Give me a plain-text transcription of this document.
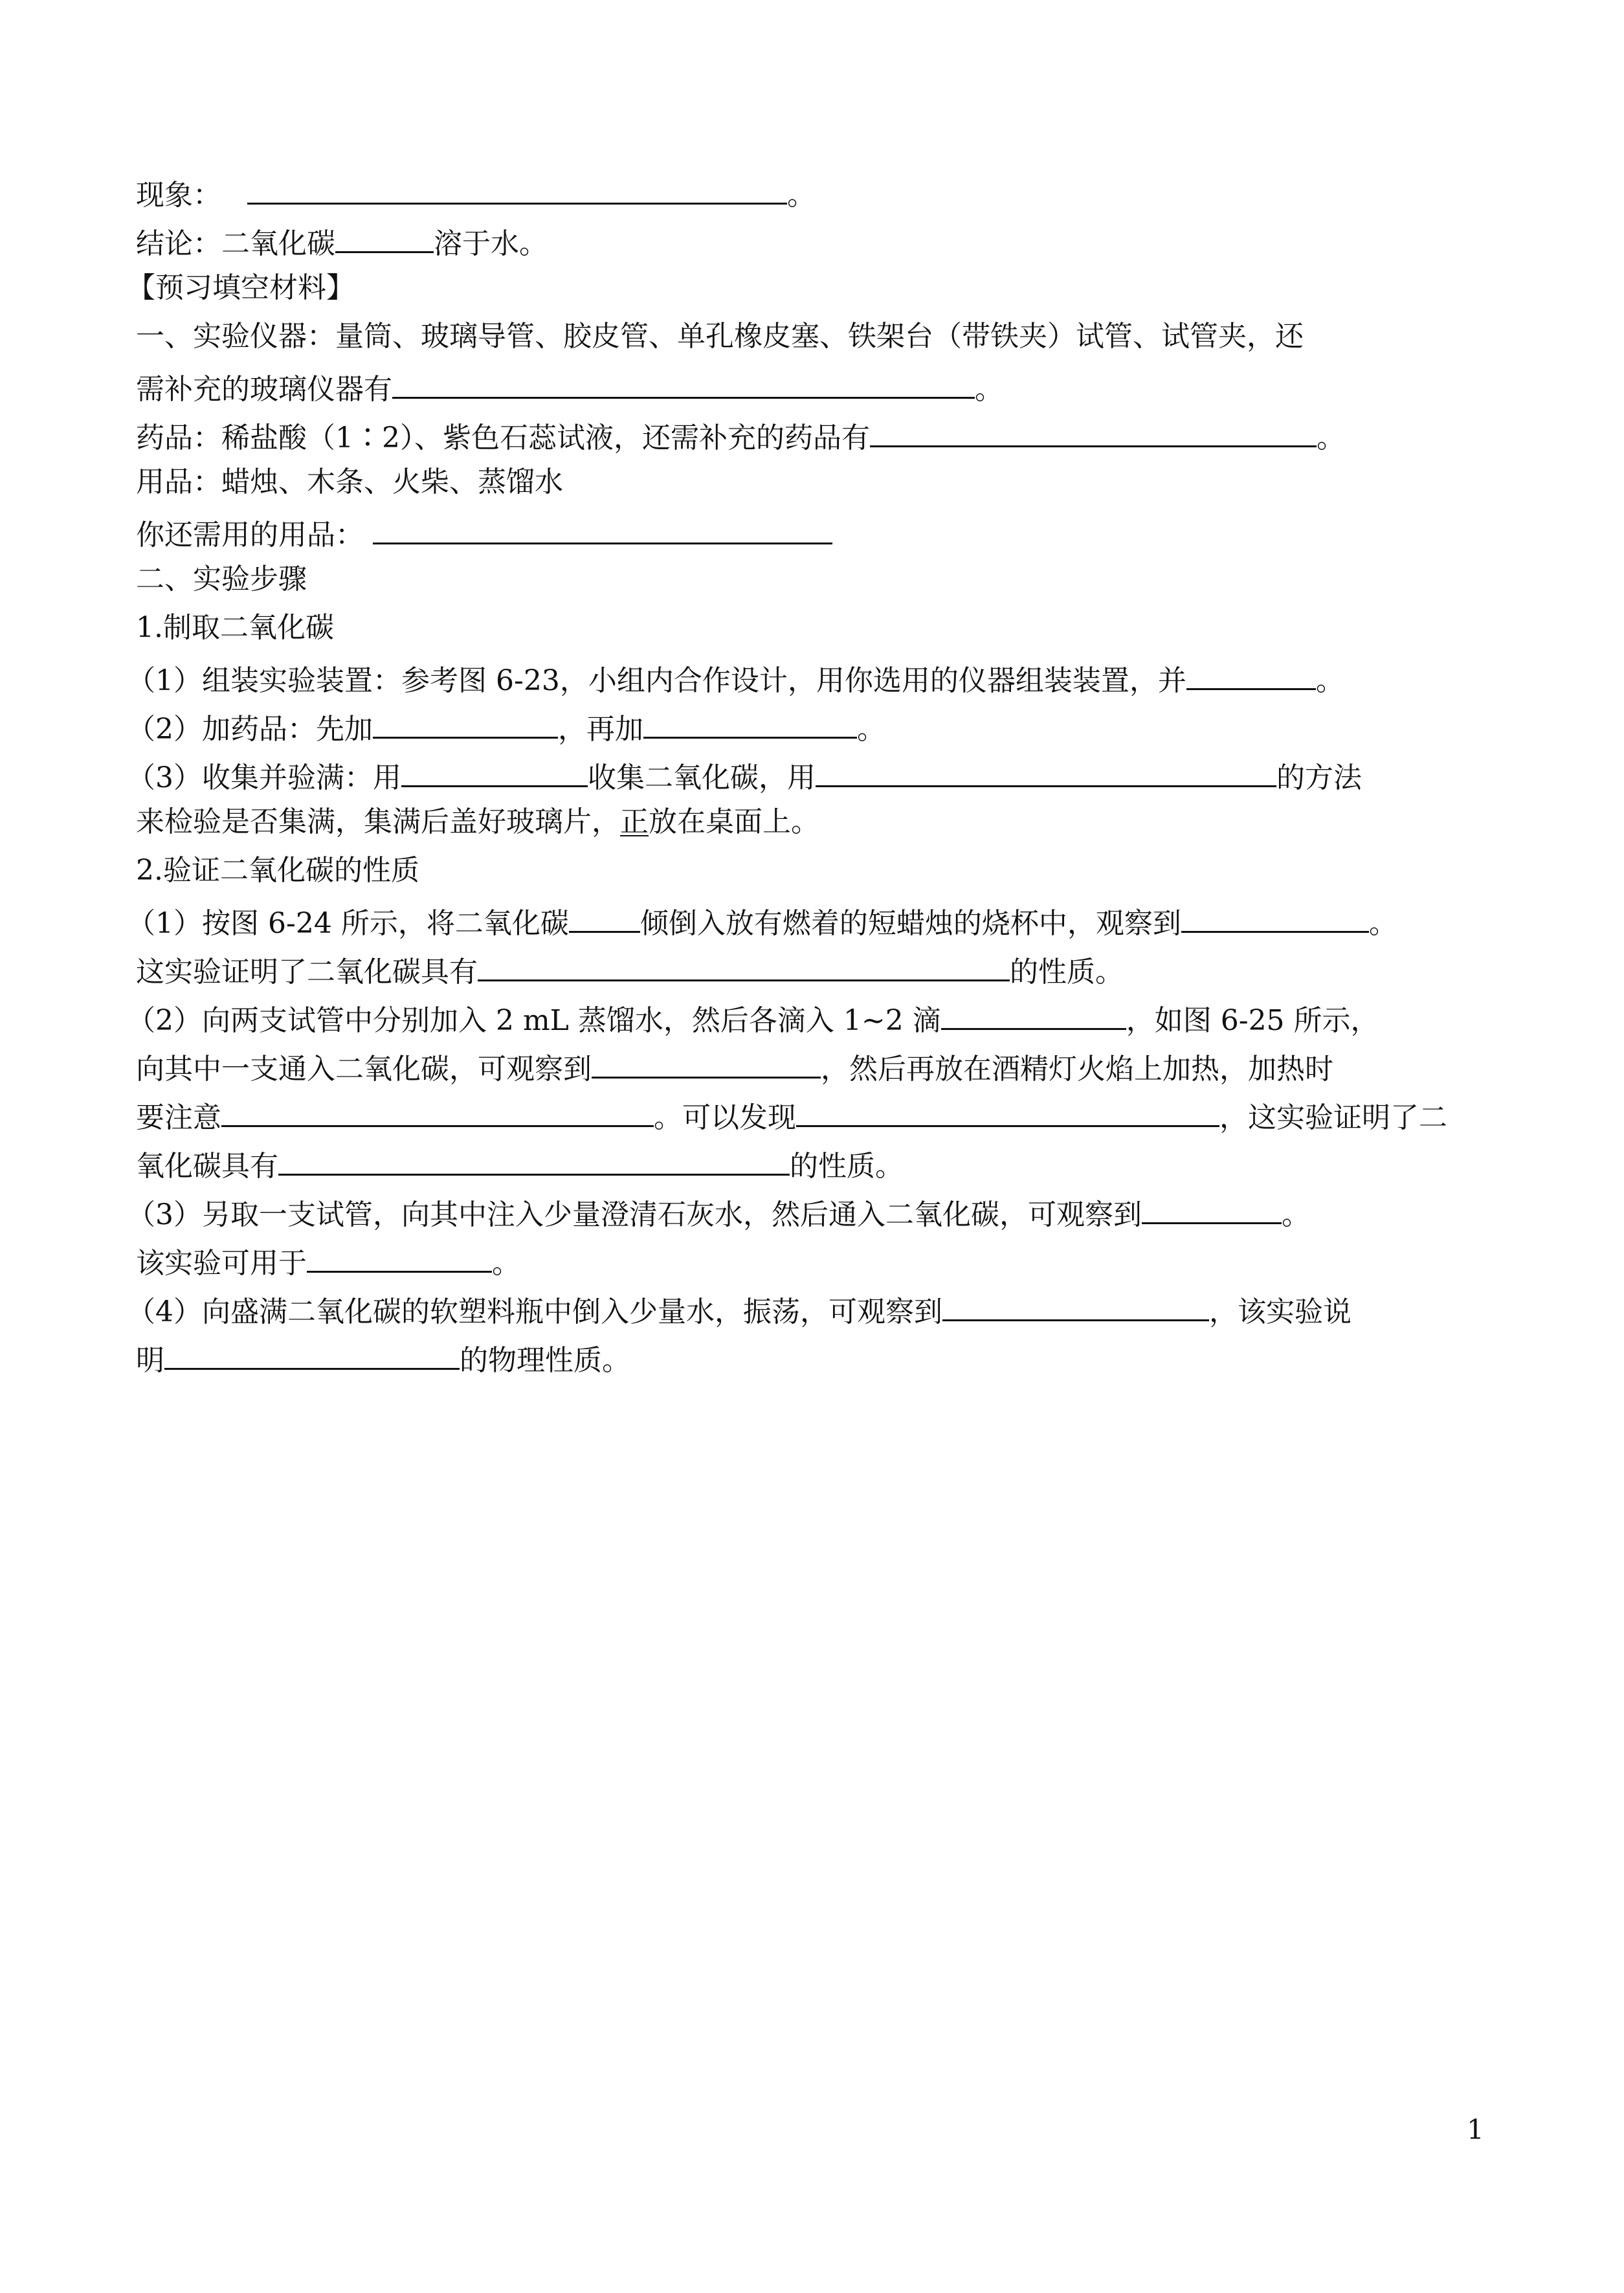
现象：	。
结论：二氧化碳	溶于水。
【预习填空材料】
一、实验仪器：量筒、玻璃导管、胶皮管、单孔橡皮塞、铁架台（带铁夹）试管、试管夹，还
需补充的玻璃仪器有	。
药品：稀盐酸（1∶2）、紫色石蕊试液，还需补充的药品有	。
用品：蜡烛、木条、火柴、蒸馏水
你还需用的用品：
二、实验步骤
1.制取二氧化碳
（1）组装实验装置：参考图 6-23，小组内合作设计，用你选用的仪器组装装置，并	。
（2）加药品：先加	，再加	。
（3）收集并验满：用	收集二氧化碳，用	的方法
来检验是否集满，集满后盖好玻璃片，正放在桌面上。
2.验证二氧化碳的性质
（1）按图 6-24 所示，将二氧化碳	倾倒入放有燃着的短蜡烛的烧杯中，观察到	。
这实验证明了二氧化碳具有	的性质。
（2）向两支试管中分别加入 2 mL 蒸馏水，然后各滴入 1~2 滴	，如图 6-25 所示，
向其中一支通入二氧化碳，可观察到	，然后再放在酒精灯火焰上加热，加热时
要注意	。可以发现	，这实验证明了二
氧化碳具有	的性质。
（3）另取一支试管，向其中注入少量澄清石灰水，然后通入二氧化碳，可观察到	。
该实验可用于	。
（4）向盛满二氧化碳的软塑料瓶中倒入少量水，振荡，可观察到	，该实验说
明	的物理性质。
1
